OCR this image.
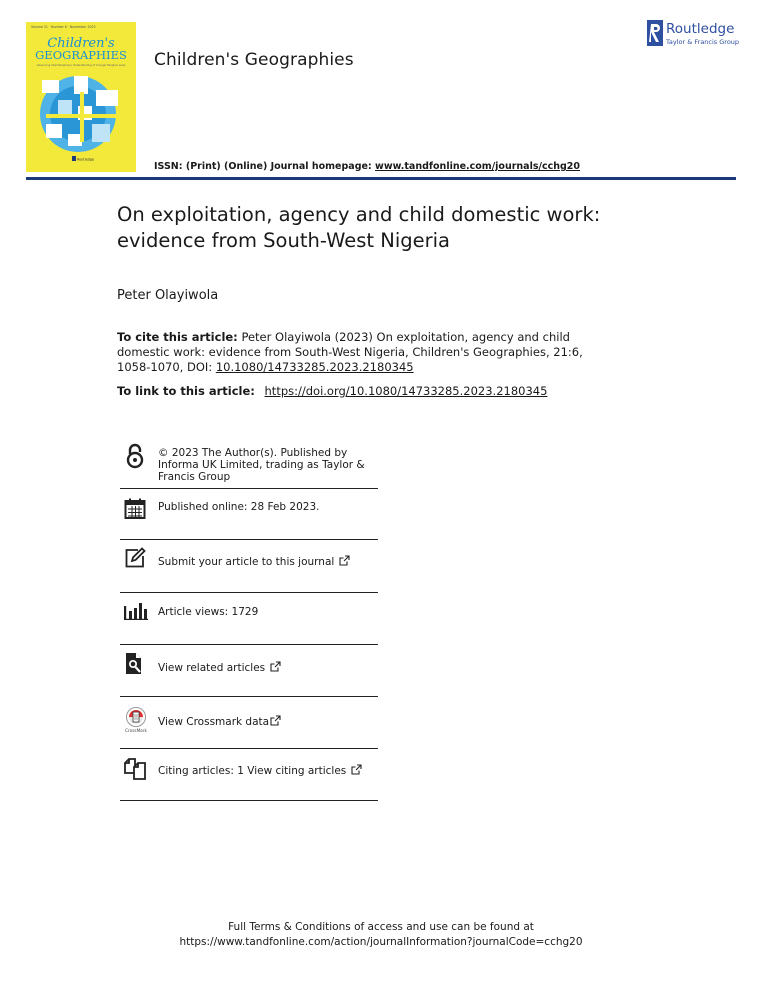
Volume 21 · Number 6 · November 2023
Children's
GEOGRAPHIES
Advancing Interdisciplinary Understanding of Younger People's Lives
Routledge
Children's Geographies
Routledge
Taylor & Francis Group
ISSN: (Print) (Online) Journal homepage: www.tandfonline.com/journals/cchg20
On exploitation, agency and child domestic work: evidence from South-West Nigeria
Peter Olayiwola
To cite this article: Peter Olayiwola (2023) On exploitation, agency and child domestic work: evidence from South-West Nigeria, Children's Geographies, 21:6, 1058-1070, DOI: 10.1080/14733285.2023.2180345
To link to this article: https://doi.org/10.1080/14733285.2023.2180345
© 2023 The Author(s). Published by Informa UK Limited, trading as Taylor & Francis Group
Published online: 28 Feb 2023.
Submit your article to this journal
Article views: 1729
View related articles
CrossMark
View Crossmark data
Citing articles: 1 View citing articles
Full Terms & Conditions of access and use can be found at
https://www.tandfonline.com/action/journalInformation?journalCode=cchg20
